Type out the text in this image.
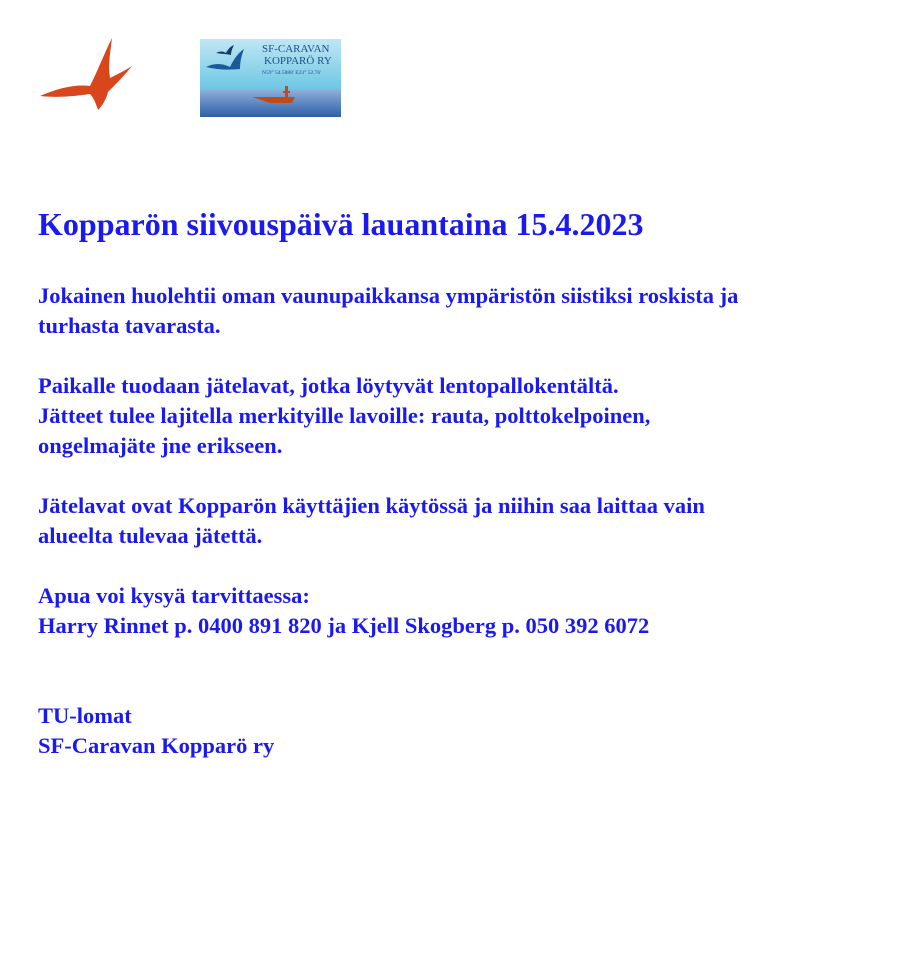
SF-CARAVAN
KOPPARÖ RY
N59° 54.5888' E23° 52.76'
Kopparön siivouspäivä lauantaina 15.4.2023

Jokainen huolehtii oman vaunupaikkansa ympäristön siistiksi roskista ja
turhasta tavarasta.

Paikalle tuodaan jätelavat, jotka löytyvät lentopallokentältä.
Jätteet tulee lajitella merkityille lavoille: rauta, polttokelpoinen,
ongelmajäte jne erikseen.

Jätelavat ovat Kopparön käyttäjien käytössä ja niihin saa laittaa vain
alueelta tulevaa jätettä.

Apua voi kysyä tarvittaessa:
Harry Rinnet p. 0400 891 820 ja Kjell Skogberg p. 050 392 6072

TU-lomat
SF-Caravan Kopparö ry
